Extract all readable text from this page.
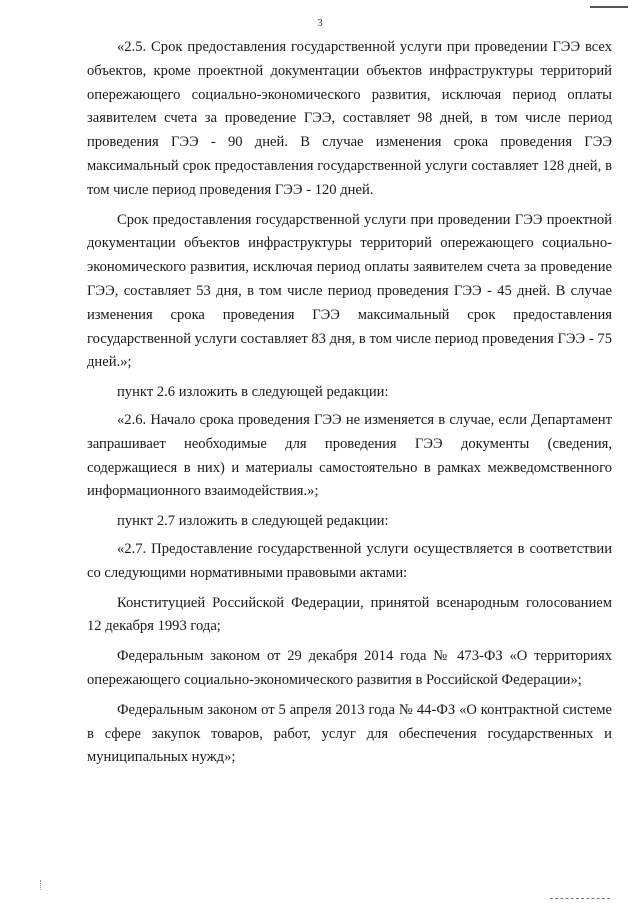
3

«2.5. Срок предоставления государственной услуги при проведении ГЭЭ всех объектов, кроме проектной документации объектов инфраструктуры территорий опережающего социально-экономического развития, исключая период оплаты заявителем счета за проведение ГЭЭ, составляет 98 дней, в том числе период проведения ГЭЭ - 90 дней. В случае изменения срока проведения ГЭЭ максимальный срок предоставления государственной услуги составляет 128 дней, в том числе период проведения ГЭЭ - 120 дней.

Срок предоставления государственной услуги при проведении ГЭЭ проектной документации объектов инфраструктуры территорий опережающего социально-экономического развития, исключая период оплаты заявителем счета за проведение ГЭЭ, составляет 53 дня, в том числе период проведения ГЭЭ - 45 дней. В случае изменения срока проведения ГЭЭ максимальный срок предоставления государственной услуги составляет 83 дня, в том числе период проведения ГЭЭ - 75 дней.»;

пункт 2.6 изложить в следующей редакции:

«2.6. Начало срока проведения ГЭЭ не изменяется в случае, если Департамент запрашивает необходимые для проведения ГЭЭ документы (сведения, содержащиеся в них) и материалы самостоятельно в рамках межведомственного информационного взаимодействия.»;

пункт 2.7 изложить в следующей редакции:

«2.7. Предоставление государственной услуги осуществляется в соответствии со следующими нормативными правовыми актами:

Конституцией Российской Федерации, принятой всенародным голосованием 12 декабря 1993 года;

Федеральным законом от 29 декабря 2014 года № 473-ФЗ «О территориях опережающего социально-экономического развития в Российской Федерации»;

Федеральным законом от 5 апреля 2013 года № 44-ФЗ «О контрактной системе в сфере закупок товаров, работ, услуг для обеспечения государственных и муниципальных нужд»;
